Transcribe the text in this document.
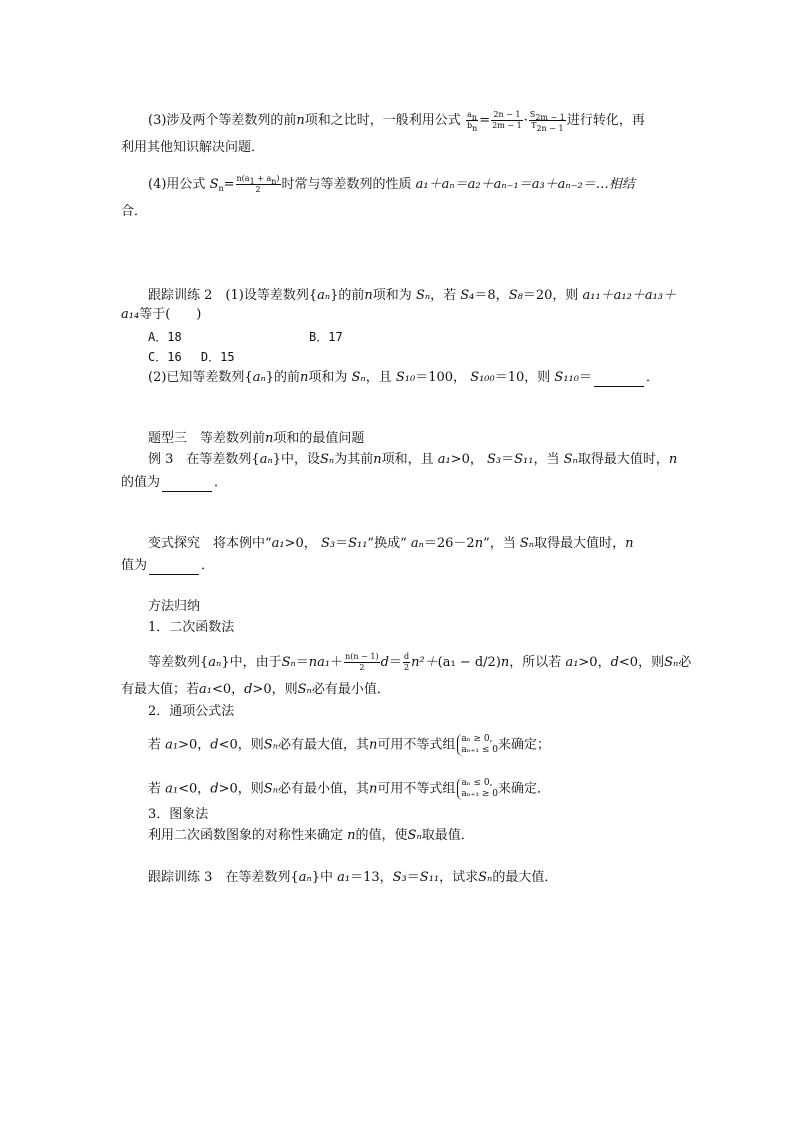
(3)涉及两个等差数列的前n项和之比时，一般利用公式 $\frac{a_n}{b_n} = \frac{2n - 1}{2m - 1} \cdot \frac{S_{2m - 1}}{T_{2n - 1}}$ 进行转化，再
利用其他知识解决问题．
(4)用公式 $S_n= \frac{n(a_1 + a_n)}{2}$ 时常与等差数列的性质 a₁＋aₙ＝a₂＋aₙ₋₁＝a₃＋aₙ₋₂＝…相结
合．
跟踪训练 2　(1)设等差数列{aₙ}的前n项和为 Sₙ，若 S₄＝8，S₈＝20，则 a₁₁＋a₁₂＋a₁₃＋
a₁₄等于(　　)
A．18	B．17
C．16　 D．15
(2)已知等差数列{aₙ}的前n项和为 Sₙ，且 S₁₀＝100， S₁₀₀＝10，则 S₁₁₀＝	．
题型三　等差数列前n项和的最值问题
例 3　在等差数列{aₙ}中，设Sₙ为其前n项和，且 a₁>0， S₃＝S₁₁，当 Sₙ取得最大值时，n
的值为	．
变式探究　将本例中“a₁>0， S₃＝S₁₁”换成“ aₙ＝26－2n”，当 Sₙ取得最大值时，n
值为	．
方法归纳
1．二次函数法
等差数列{aₙ}中，由于$S_n=na_1+ \frac{n(n - 1)}{2} d= \frac{d}{2} n^2+(a_1 - d/2)n$，所以若 a₁>0，d<0，则Sₙ必
有最大值；若a₁<0，d>0，则Sₙ必有最小值．
2．通项公式法
若 a₁>0，d<0，则Sₙ必有最大值，其n可用不等式组 aₙ ≥ 0,
aₙ₊₁ ≤ 0 来确定；
若 a₁<0，d>0，则Sₙ必有最小值，其n可用不等式组 aₙ ≤ 0,
aₙ₊₁ ≥ 0 来确定．
3．图象法
利用二次函数图象的对称性来确定 n的值，使Sₙ取最值．
跟踪训练 3　在等差数列{aₙ}中 a₁＝13，S₃＝S₁₁，试求Sₙ的最大值．
